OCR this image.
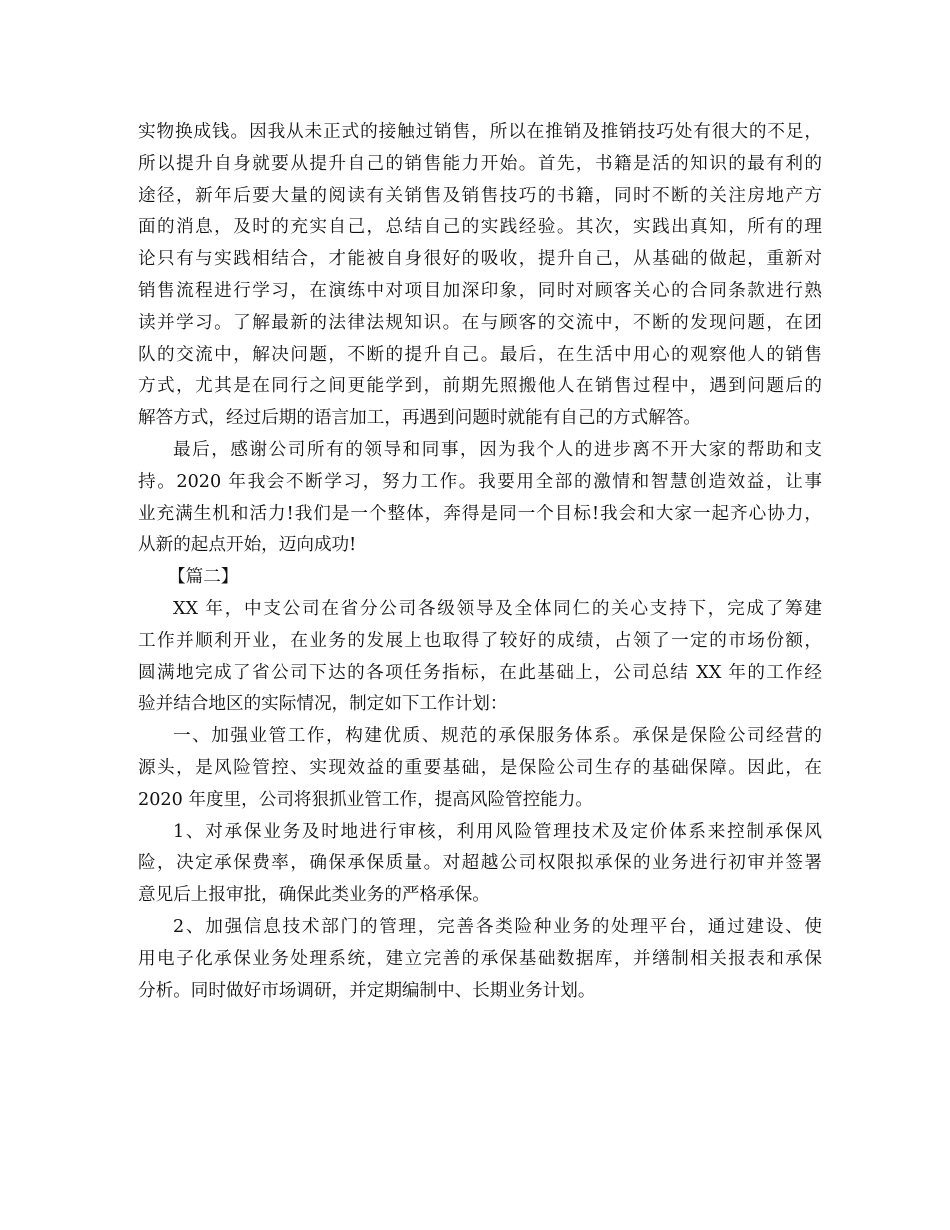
实物换成钱。因我从未正式的接触过销售，所以在推销及推销技巧处有很大的不足，
所以提升自身就要从提升自己的销售能力开始。首先，书籍是活的知识的最有利的
途径，新年后要大量的阅读有关销售及销售技巧的书籍，同时不断的关注房地产方
面的消息，及时的充实自己，总结自己的实践经验。其次，实践出真知，所有的理
论只有与实践相结合，才能被自身很好的吸收，提升自己，从基础的做起，重新对
销售流程进行学习，在演练中对项目加深印象，同时对顾客关心的合同条款进行熟
读并学习。了解最新的法律法规知识。在与顾客的交流中，不断的发现问题，在团
队的交流中，解决问题，不断的提升自己。最后，在生活中用心的观察他人的销售
方式，尤其是在同行之间更能学到，前期先照搬他人在销售过程中，遇到问题后的
解答方式，经过后期的语言加工，再遇到问题时就能有自己的方式解答。
最后，感谢公司所有的领导和同事，因为我个人的进步离不开大家的帮助和支
持。2020 年我会不断学习，努力工作。我要用全部的激情和智慧创造效益，让事
业充满生机和活力!我们是一个整体，奔得是同一个目标!我会和大家一起齐心协力，
从新的起点开始，迈向成功!
【篇二】
XX 年，中支公司在省分公司各级领导及全体同仁的关心支持下，完成了筹建
工作并顺利开业，在业务的发展上也取得了较好的成绩，占领了一定的市场份额，
圆满地完成了省公司下达的各项任务指标，在此基础上，公司总结 XX 年的工作经
验并结合地区的实际情况，制定如下工作计划：
一、加强业管工作，构建优质、规范的承保服务体系。承保是保险公司经营的
源头，是风险管控、实现效益的重要基础，是保险公司生存的基础保障。因此，在
2020 年度里，公司将狠抓业管工作，提高风险管控能力。
1、对承保业务及时地进行审核，利用风险管理技术及定价体系来控制承保风
险，决定承保费率，确保承保质量。对超越公司权限拟承保的业务进行初审并签署
意见后上报审批，确保此类业务的严格承保。
2、加强信息技术部门的管理，完善各类险种业务的处理平台，通过建设、使
用电子化承保业务处理系统，建立完善的承保基础数据库，并缮制相关报表和承保
分析。同时做好市场调研，并定期编制中、长期业务计划。
